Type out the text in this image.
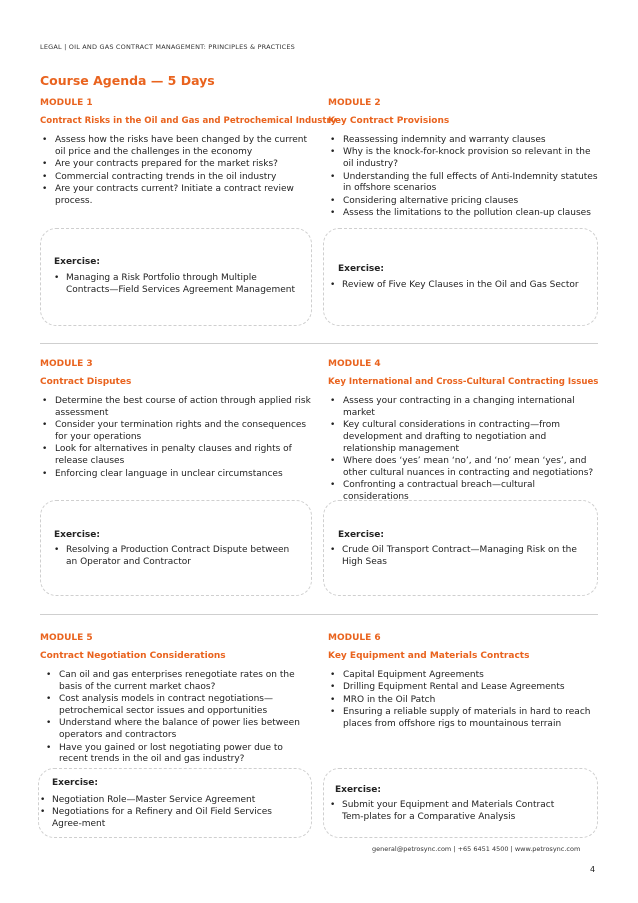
LEGAL | OIL AND GAS CONTRACT MANAGEMENT: PRINCIPLES & PRACTICES
Course Agenda — 5 Days
MODULE 1
Contract Risks in the Oil and Gas and Petrochemical Industry
• Assess how the risks have been changed by the current oil price and the challenges in the economy
• Are your contracts prepared for the market risks?
• Commercial contracting trends in the oil industry
• Are your contracts current? Initiate a contract review process.
MODULE 2
Key Contract Provisions
• Reassessing indemnity and warranty clauses
• Why is the knock-for-knock provision so relevant in the oil industry?
• Understanding the full effects of Anti-Indemnity statutes in offshore scenarios
• Considering alternative pricing clauses
• Assess the limitations to the pollution clean-up clauses
Exercise:
• Managing a Risk Portfolio through Multiple Contracts—Field Services Agreement Management
Exercise:
• Review of Five Key Clauses in the Oil and Gas Sector
MODULE 3
Contract Disputes
• Determine the best course of action through applied risk assessment
• Consider your termination rights and the consequences for your operations
• Look for alternatives in penalty clauses and rights of release clauses
• Enforcing clear language in unclear circumstances
MODULE 4
Key International and Cross-Cultural Contracting Issues
• Assess your contracting in a changing international market
• Key cultural considerations in contracting—from development and drafting to negotiation and relationship management
• Where does ‘yes’ mean ‘no’, and ‘no’ mean ‘yes’, and other cultural nuances in contracting and negotiations?
• Confronting a contractual breach—cultural considerations
Exercise:
• Resolving a Production Contract Dispute between an Operator and Contractor
Exercise:
• Crude Oil Transport Contract—Managing Risk on the High Seas
MODULE 5
Contract Negotiation Considerations
• Can oil and gas enterprises renegotiate rates on the basis of the current market chaos?
• Cost analysis models in contract negotiations—petrochemical sector issues and opportunities
• Understand where the balance of power lies between operators and contractors
• Have you gained or lost negotiating power due to recent trends in the oil and gas industry?
MODULE 6
Key Equipment and Materials Contracts
• Capital Equipment Agreements
• Drilling Equipment Rental and Lease Agreements
• MRO in the Oil Patch
• Ensuring a reliable supply of materials in hard to reach places from offshore rigs to mountainous terrain
Exercise:
• Negotiation Role—Master Service Agreement
• Negotiations for a Refinery and Oil Field Services Agree-ment
Exercise:
• Submit your Equipment and Materials Contract Tem-plates for a Comparative Analysis
general@petrosync.com | +65 6451 4500 | www.petrosync.com
4
